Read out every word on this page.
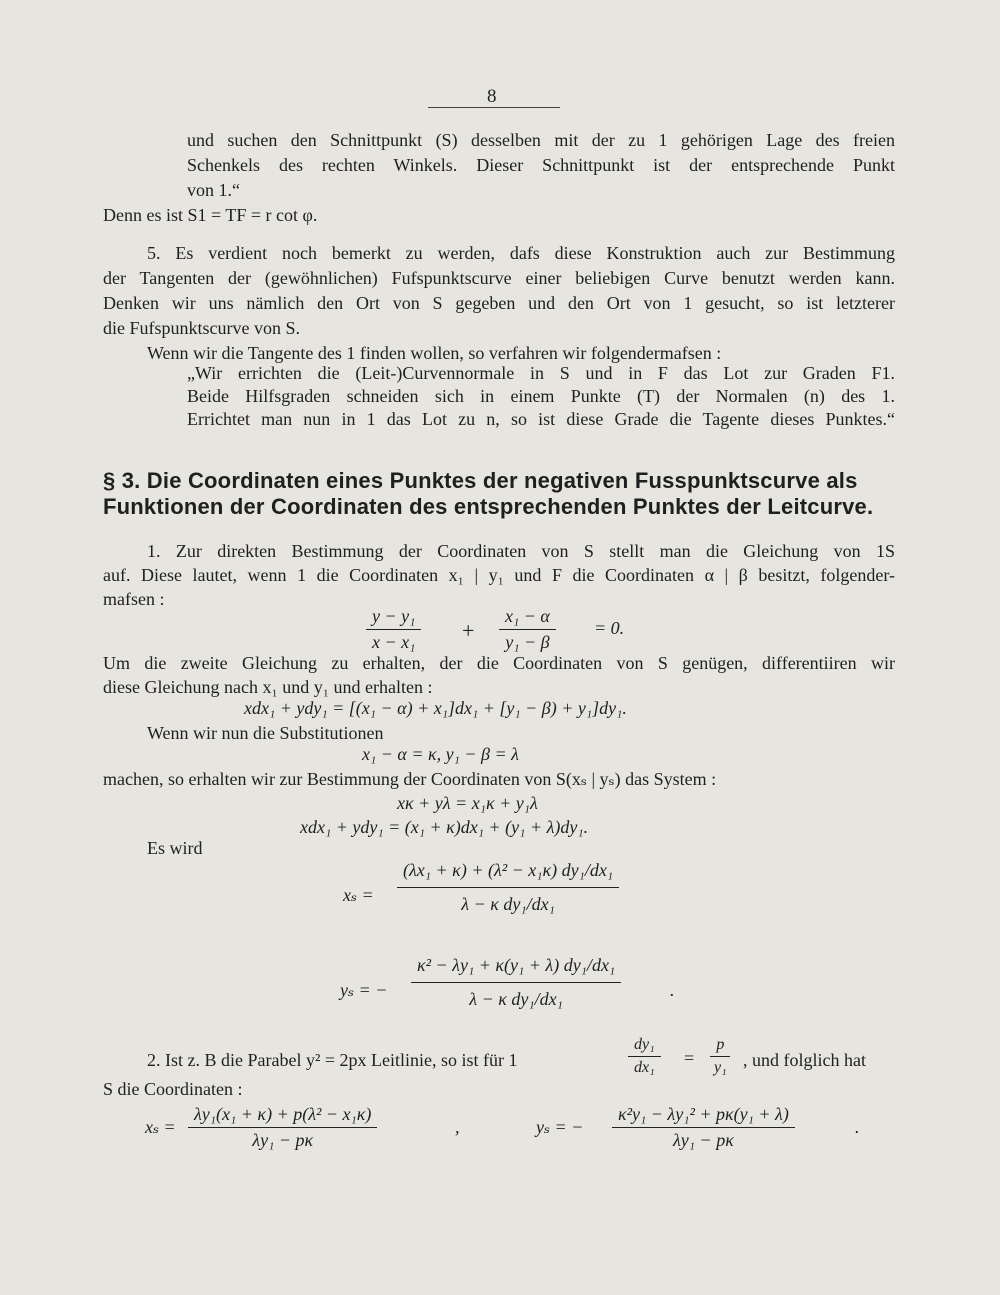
8
und suchen den Schnittpunkt (S) desselben mit der zu 1 gehörigen Lage des freien
Schenkels des rechten Winkels. Dieser Schnittpunkt ist der entsprechende Punkt
von 1.“
Denn es ist S1 = TF = r cot φ.
5. Es verdient noch bemerkt zu werden, dafs diese Konstruktion auch zur Bestimmung
der Tangenten der (gewöhnlichen) Fufspunktscurve einer beliebigen Curve benutzt werden kann.
Denken wir uns nämlich den Ort von S gegeben und den Ort von 1 gesucht, so ist letzterer
die Fufspunktscurve von S.
Wenn wir die Tangente des 1 finden wollen, so verfahren wir folgendermafsen :
„Wir errichten die (Leit-)Curvennormale in S und in F das Lot zur Graden F1.
Beide Hilfsgraden schneiden sich in einem Punkte (T) der Normalen (n) des 1.
Errichtet man nun in 1 das Lot zu n, so ist diese Grade die Tagente dieses Punktes.“
§ 3. Die Coordinaten eines Punktes der negativen Fusspunktscurve als
Funktionen der Coordinaten des entsprechenden Punktes der Leitcurve.
1. Zur direkten Bestimmung der Coordinaten von S stellt man die Gleichung von 1S
auf. Diese lautet, wenn 1 die Coordinaten x₁ | y₁ und F die Coordinaten α | β besitzt, folgender-
mafsen :
$\frac{\text{y − y₁}}{\text{x − x₁}} + \frac{\text{x₁ − α}}{\text{y₁ − β}} = 0$.
Um die zweite Gleichung zu erhalten, der die Coordinaten von S genügen, differentiiren wir
diese Gleichung nach x₁ und y₁ und erhalten :
xdx₁ + ydy₁ = [(x₁ − α) + x₁]dx₁ + [y₁ − β) + y₁]dy₁.
Wenn wir nun die Substitutionen
x₁ − α = κ, y₁ − β = λ
machen, so erhalten wir zur Bestimmung der Coordinaten von S(xₛ | yₛ) das System :
xκ + yλ = x₁κ + y₁λ
xdx₁ + ydy₁ = (x₁ + κ)dx₁ + (y₁ + λ)dy₁.
Es wird
$x_s = \frac{\text{(λx₁ + κ) + (λ² − x₁κ) dy₁/dx₁}}{\text{λ − κ dy₁/dx₁}}$
yₛ = − $\frac{\text{κ² − λy₁ + κ(y₁ + λ) dy₁/dx₁}}{\text{λ − κ dy₁/dx₁}}$	.
2. Ist z. B die Parabel y² = 2px Leitlinie, so ist für 1	$\frac{\text{dy₁}}{\text{dx₁}} = \frac{p}{\text{y₁}}$ , und folglich hat
S die Coordinaten :
$x_s = \frac{\text{λy₁(x₁ + κ) + p(λ² − x₁κ)}}{\text{λy₁ − pκ}}$	,	yₛ = − $\frac{\text{κ²y₁ − λy₁² + pκ(y₁ + λ)}}{\text{λy₁ − pκ}}$	.
